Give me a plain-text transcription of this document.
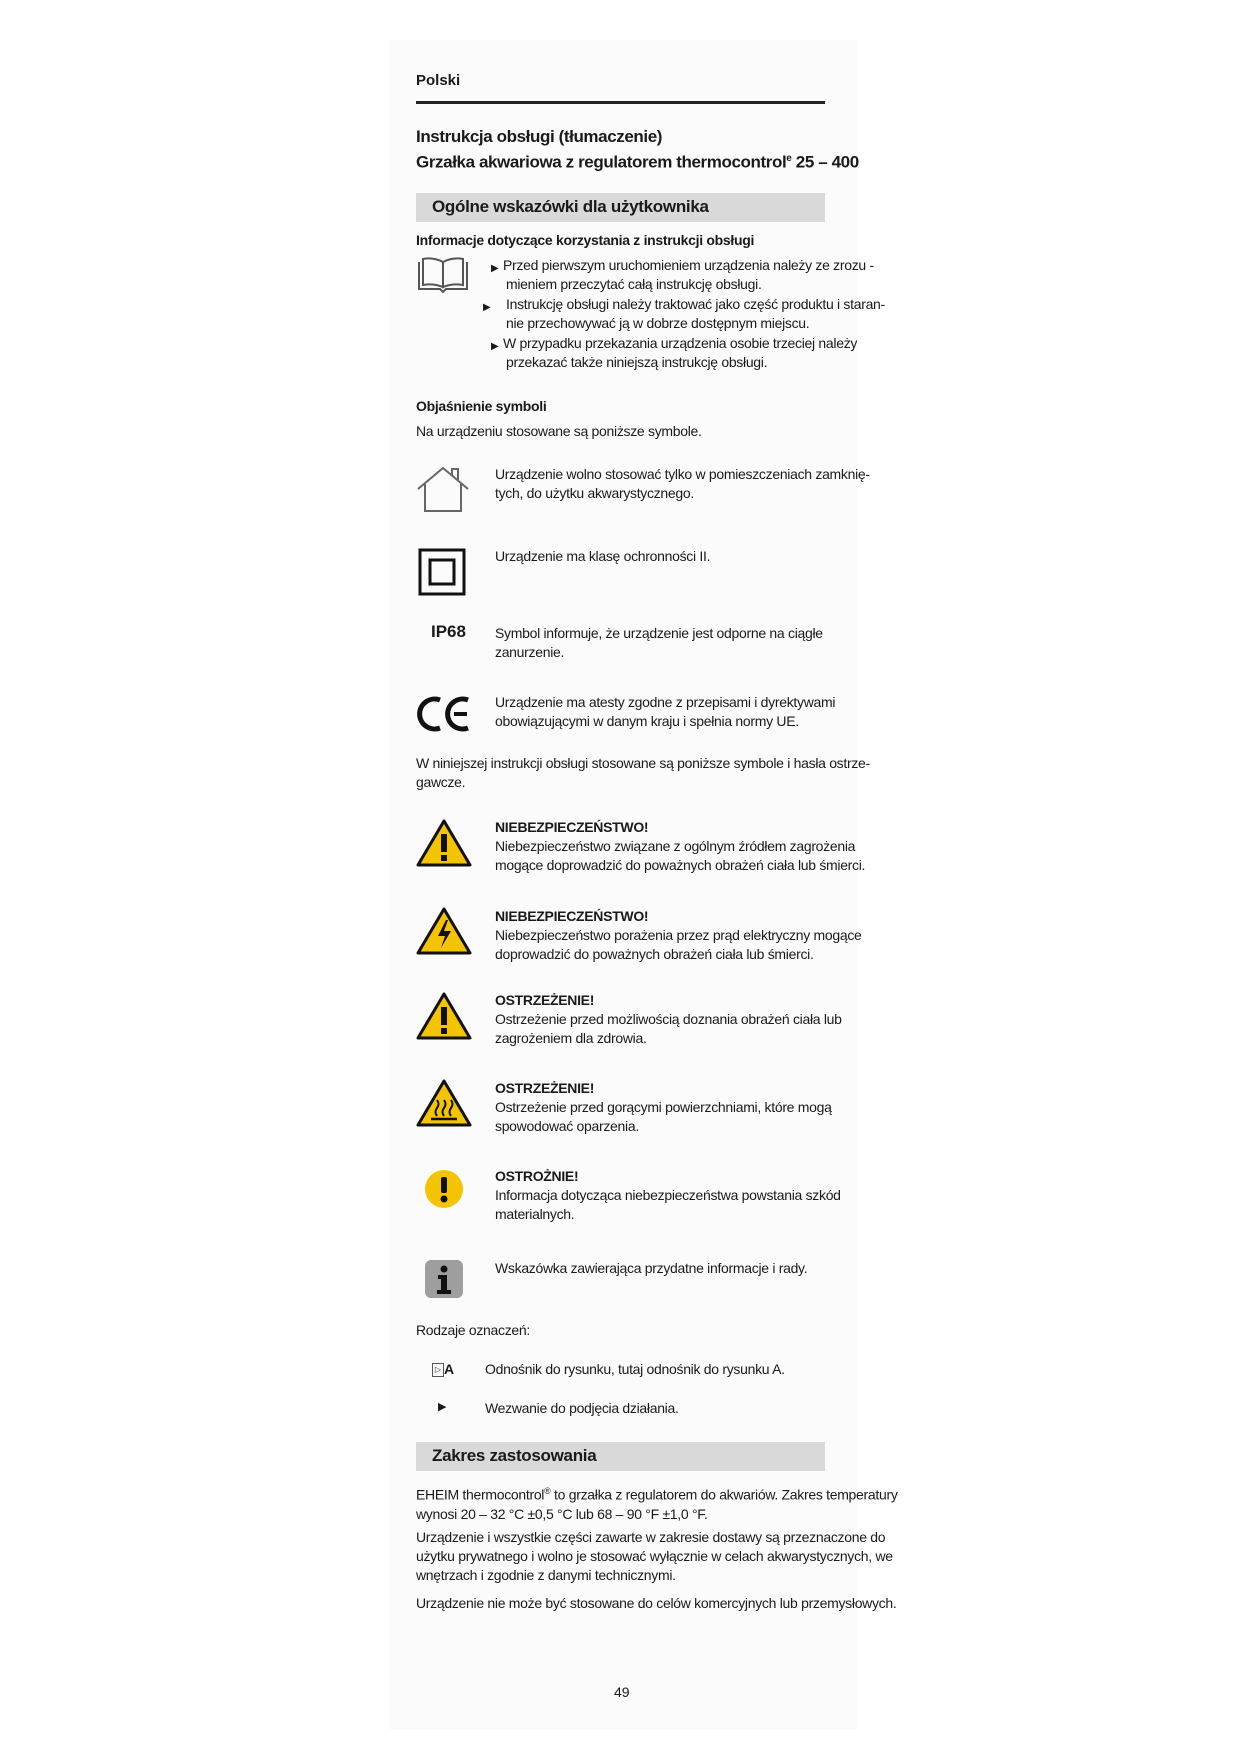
Polski
Instrukcja obsługi (tłumaczenie)
Grzałka akwariowa z regulatorem thermocontrol$^e$ 25 – 400
Ogólne wskazówki dla użytkownika
Informacje dotyczące korzystania z instrukcji obsługi
▶ Przed pierwszym uruchomieniem urządzenia należy ze zrozu -
mieniem przeczytać całą instrukcję obsługi.
▶ Instrukcję obsługi należy traktować jako część produktu i staran-
nie przechowywać ją w dobrze dostępnym miejscu.
▶ W przypadku przekazania urządzenia osobie trzeciej należy
przekazać także niniejszą instrukcję obsługi.
Objaśnienie symboli
Na urządzeniu stosowane są poniższe symbole.
Urządzenie wolno stosować tylko w pomieszczeniach zamknię-
tych, do użytku akwarystycznego.
Urządzenie ma klasę ochronności II.
IP68 Symbol informuje, że urządzenie jest odporne na ciągłe
zanurzenie.
Urządzenie ma atesty zgodne z przepisami i dyrektywami
obowiązującymi w danym kraju i spełnia normy UE.
W niniejszej instrukcji obsługi stosowane są poniższe symbole i hasła ostrze-
gawcze.
NIEBEZPIECZEŃSTWO!
Niebezpieczeństwo związane z ogólnym źródłem zagrożenia
mogące doprowadzić do poważnych obrażeń ciała lub śmierci.
NIEBEZPIECZEŃSTWO!
Niebezpieczeństwo porażenia przez prąd elektryczny mogące
doprowadzić do poważnych obrażeń ciała lub śmierci.
OSTRZEŻENIE!
Ostrzeżenie przed możliwością doznania obrażeń ciała lub
zagrożeniem dla zdrowia.
OSTRZEŻENIE!
Ostrzeżenie przed gorącymi powierzchniami, które mogą
spowodować oparzenia.
OSTROŻNIE!
Informacja dotycząca niebezpieczeństwa powstania szkód
materialnych.
Wskazówka zawierająca przydatne informacje i rady.
Rodzaje oznaczeń:
▷ A Odnośnik do rysunku, tutaj odnośnik do rysunku A.
▶	Wezwanie do podjęcia działania.
Zakres zastosowania
EHEIM thermocontrol® to grzałka z regulatorem do akwariów. Zakres temperatury
wynosi 20 – 32 °C ±0,5 °C lub 68 – 90 °F ±1,0 °F.
Urządzenie i wszystkie części zawarte w zakresie dostawy są przeznaczone do
użytku prywatnego i wolno je stosować wyłącznie w celach akwarystycznych, we
wnętrzach i zgodnie z danymi technicznymi.
Urządzenie nie może być stosowane do celów komercyjnych lub przemysłowych.
49
